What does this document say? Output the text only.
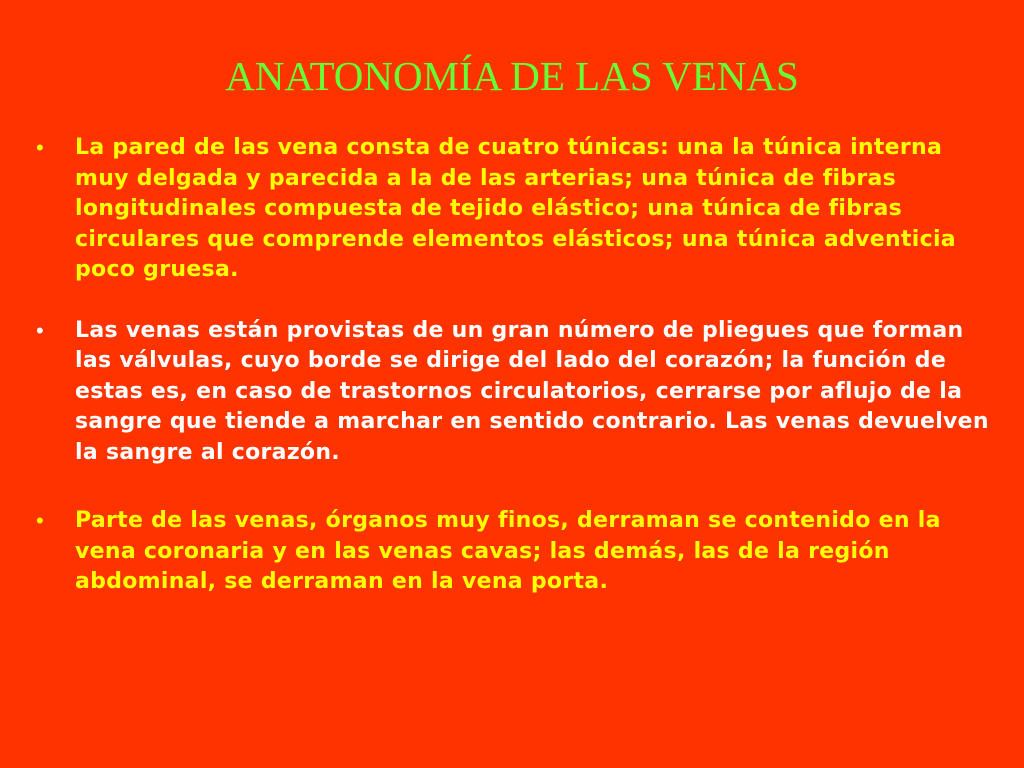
ANATONOMÍA DE LAS VENAS
• La pared de las vena consta de cuatro túnicas: una la túnica interna muy delgada y parecida a la de las arterias; una túnica de fibras longitudinales compuesta de tejido elástico; una túnica de fibras circulares que comprende elementos elásticos; una túnica adventicia poco gruesa.
• Las venas están provistas de un gran número de pliegues que forman las válvulas, cuyo borde se dirige del lado del corazón; la función de estas es, en caso de trastornos circulatorios, cerrarse por aflujo de la sangre que tiende a marchar en sentido contrario. Las venas devuelven la sangre al corazón.
• Parte de las venas, órganos muy finos, derraman se contenido en la vena coronaria y en las venas cavas; las demás, las de la región abdominal, se derraman en la vena porta.
